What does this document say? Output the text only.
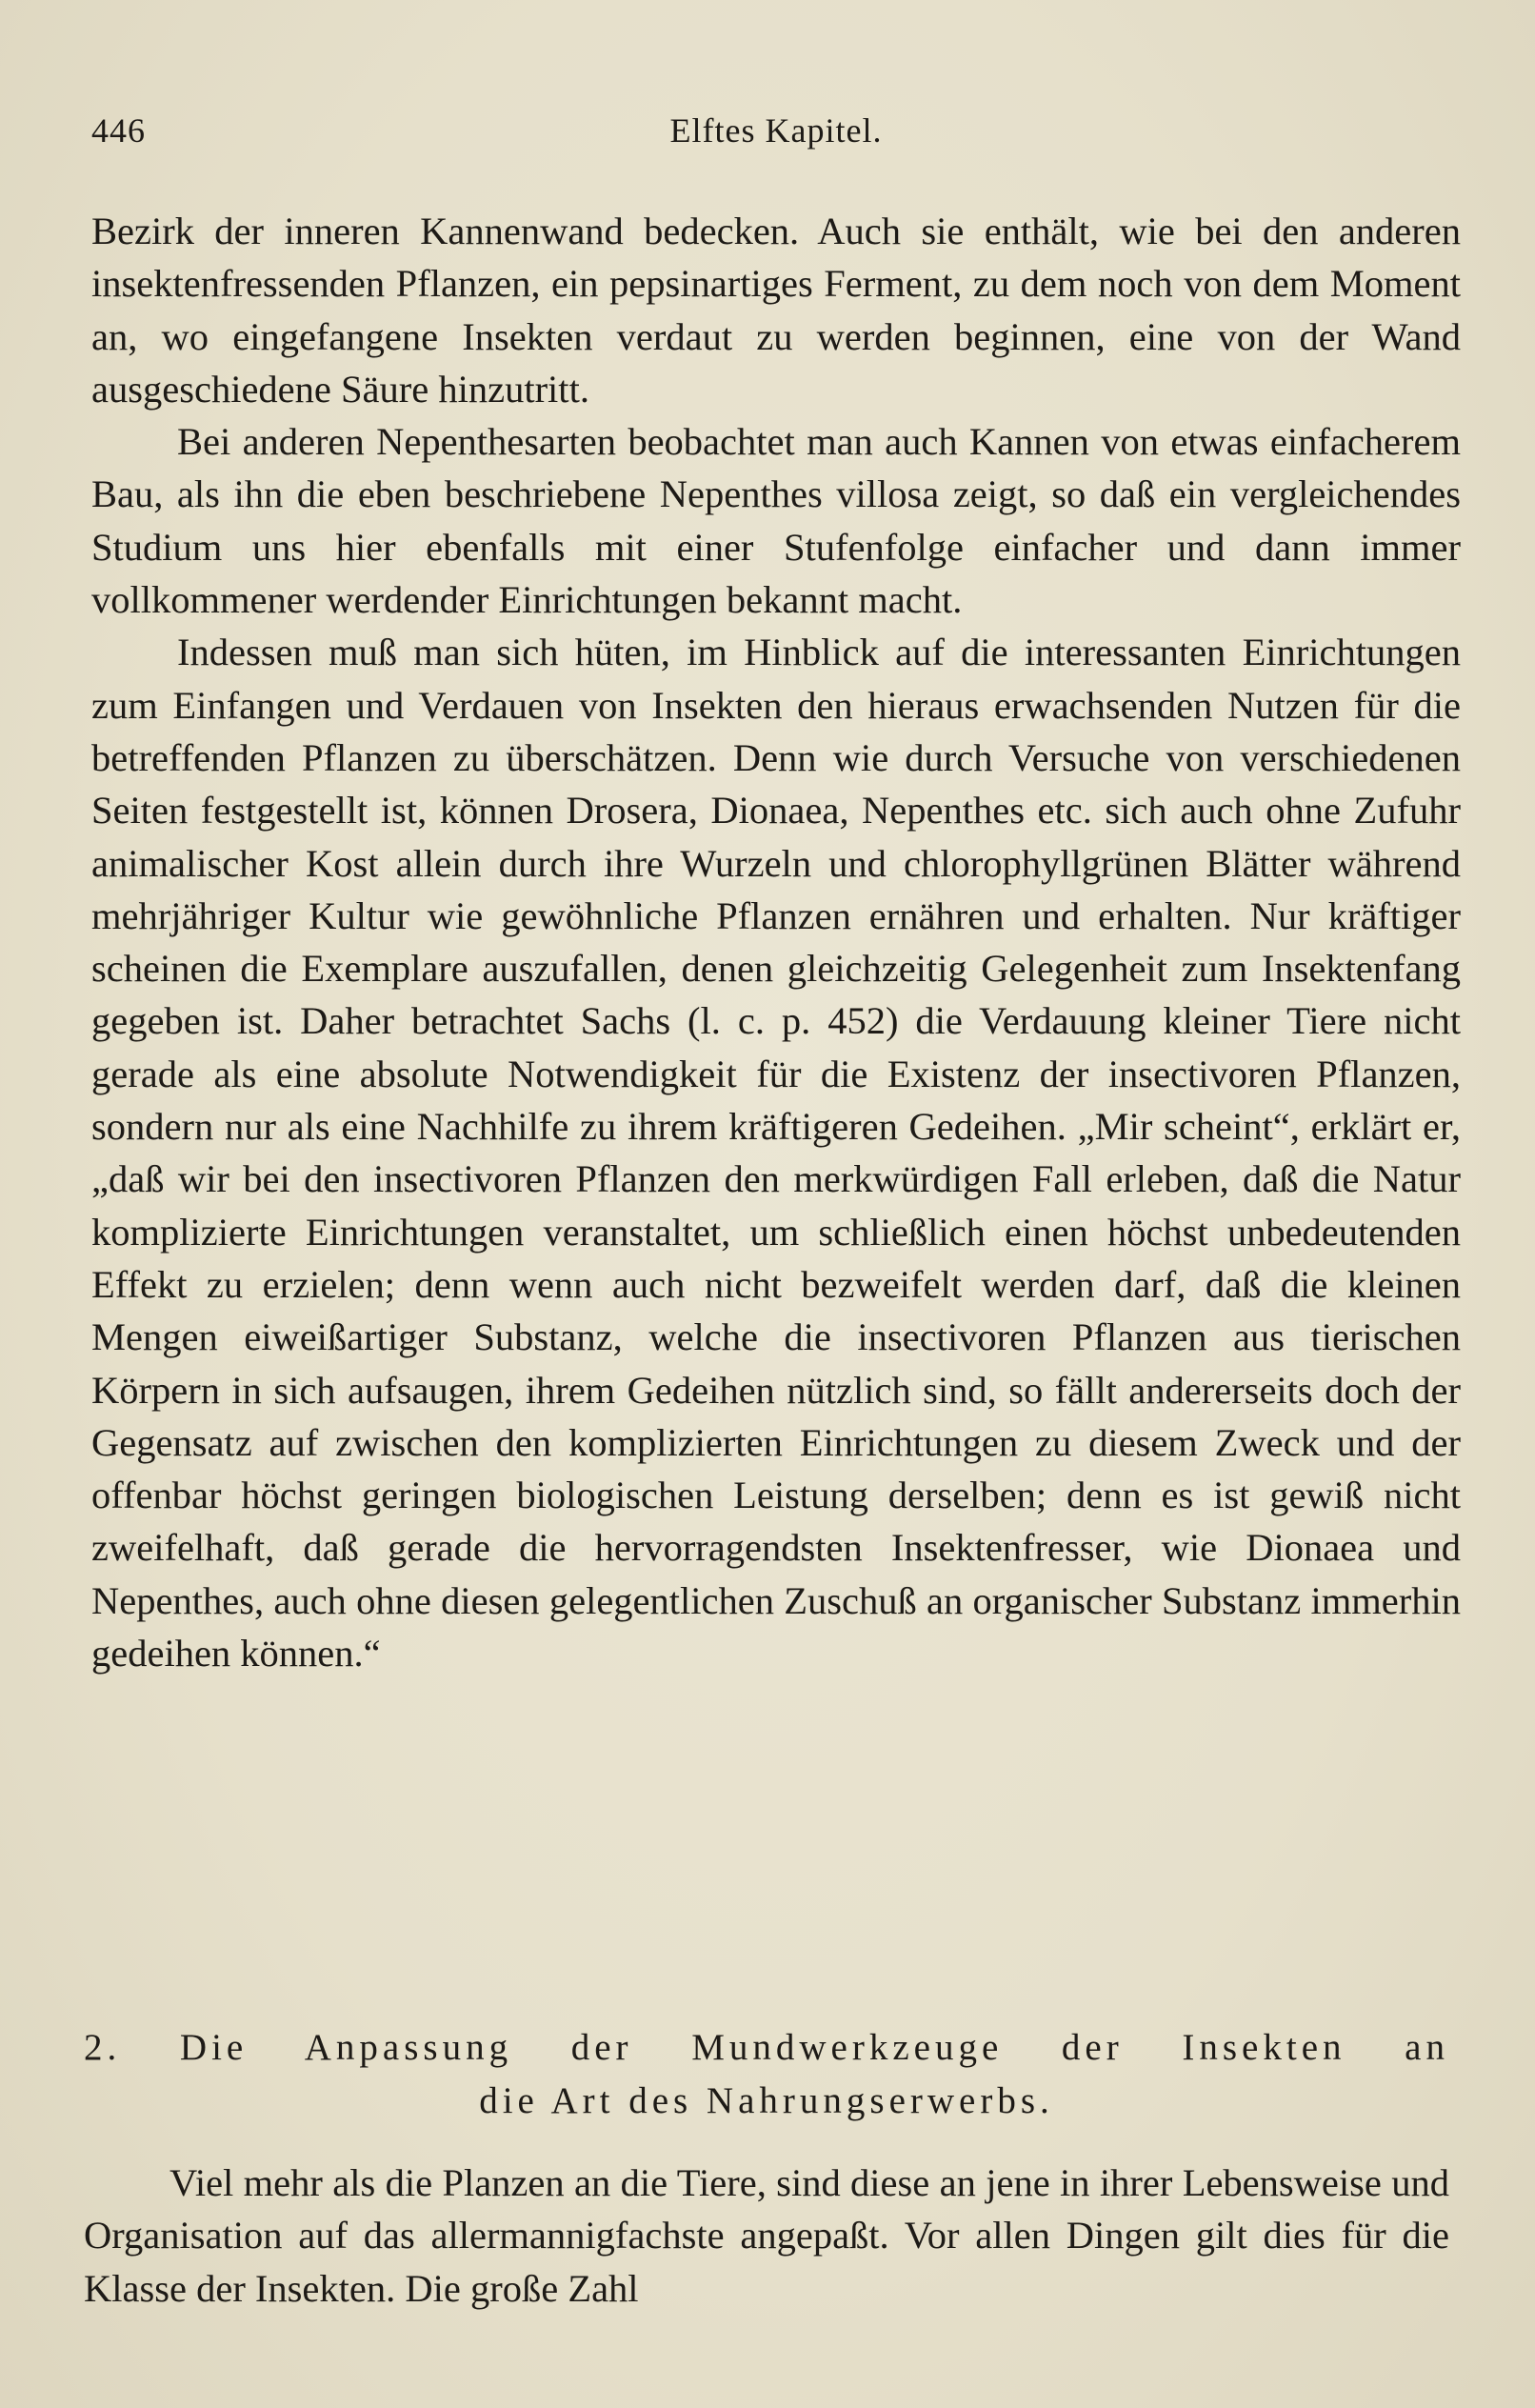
446	Elftes Kapitel.

Bezirk der inneren Kannenwand bedecken. Auch sie enthält, wie bei den anderen insektenfressenden Pflanzen, ein pepsinartiges Ferment, zu dem noch von dem Moment an, wo eingefangene Insekten verdaut zu werden beginnen, eine von der Wand ausgeschiedene Säure hinzutritt.

Bei anderen Nepenthesarten beobachtet man auch Kannen von etwas einfacherem Bau, als ihn die eben beschriebene Nepenthes villosa zeigt, so daß ein vergleichendes Studium uns hier ebenfalls mit einer Stufenfolge einfacher und dann immer vollkommener werdender Einrichtungen bekannt macht.

Indessen muß man sich hüten, im Hinblick auf die interessanten Einrichtungen zum Einfangen und Verdauen von Insekten den hieraus erwachsenden Nutzen für die betreffenden Pflanzen zu überschätzen. Denn wie durch Versuche von verschiedenen Seiten festgestellt ist, können Drosera, Dionaea, Nepenthes etc. sich auch ohne Zufuhr animalischer Kost allein durch ihre Wurzeln und chlorophyllgrünen Blätter während mehrjähriger Kultur wie gewöhnliche Pflanzen ernähren und erhalten. Nur kräftiger scheinen die Exemplare auszufallen, denen gleichzeitig Gelegenheit zum Insektenfang gegeben ist. Daher betrachtet Sachs (l. c. p. 452) die Verdauung kleiner Tiere nicht gerade als eine absolute Notwendigkeit für die Existenz der insectivoren Pflanzen, sondern nur als eine Nachhilfe zu ihrem kräftigeren Gedeihen. „Mir scheint“, erklärt er, „daß wir bei den insectivoren Pflanzen den merkwürdigen Fall erleben, daß die Natur komplizierte Einrichtungen veranstaltet, um schließlich einen höchst unbedeutenden Effekt zu erzielen; denn wenn auch nicht bezweifelt werden darf, daß die kleinen Mengen eiweißartiger Substanz, welche die insectivoren Pflanzen aus tierischen Körpern in sich aufsaugen, ihrem Gedeihen nützlich sind, so fällt andererseits doch der Gegensatz auf zwischen den komplizierten Einrichtungen zu diesem Zweck und der offenbar höchst geringen biologischen Leistung derselben; denn es ist gewiß nicht zweifelhaft, daß gerade die hervorragendsten Insektenfresser, wie Dionaea und Nepenthes, auch ohne diesen gelegentlichen Zuschuß an organischer Substanz immerhin gedeihen können.“

2. Die Anpassung der Mundwerkzeuge der Insekten an
die Art des Nahrungserwerbs.

Viel mehr als die Planzen an die Tiere, sind diese an jene in ihrer Lebensweise und Organisation auf das allermannigfachste angepaßt. Vor allen Dingen gilt dies für die Klasse der Insekten. Die große Zahl
